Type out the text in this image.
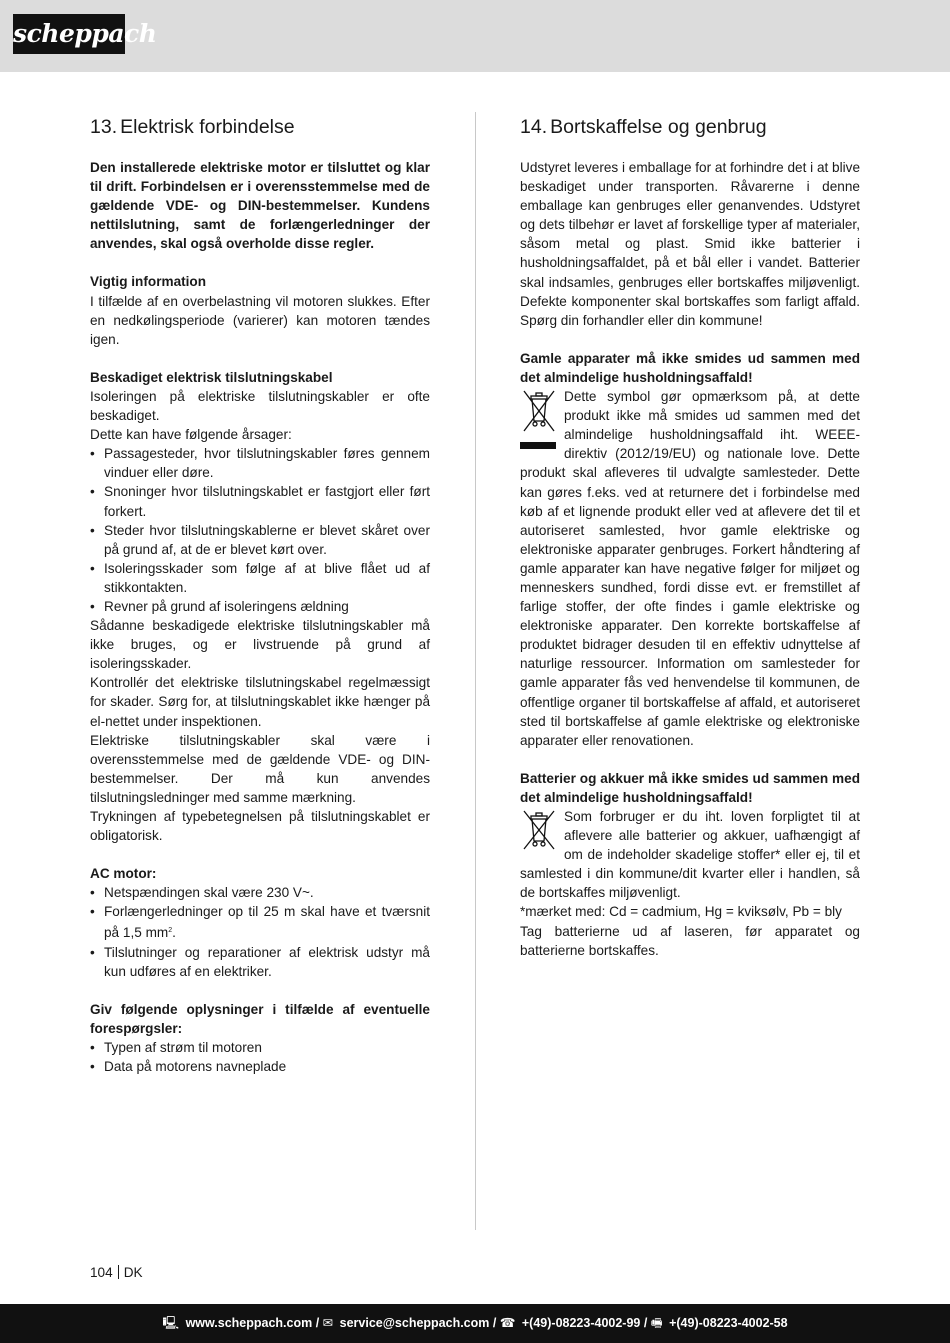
scheppach
13. Elektrisk forbindelse

Den installerede elektriske motor er tilsluttet og klar til drift. Forbindelsen er i overensstemmelse med de gældende VDE- og DIN-bestemmelser. Kundens nettilslutning, samt de forlængerledninger der anvendes, skal også overholde disse regler.

Vigtig information

I tilfælde af en overbelastning vil motoren slukkes. Efter en nedkølingsperiode (varierer) kan motoren tændes igen.

Beskadiget elektrisk tilslutningskabel

Isoleringen på elektriske tilslutningskabler er ofte beskadiget.

Dette kan have følgende årsager:

• Passagesteder, hvor tilslutningskabler føres gennem vinduer eller døre.
• Snoninger hvor tilslutningskablet er fastgjort eller ført forkert.
• Steder hvor tilslutningskablerne er blevet skåret over på grund af, at de er blevet kørt over.
• Isoleringsskader som følge af at blive flået ud af stikkontakten.
• Revner på grund af isoleringens ældning

Sådanne beskadigede elektriske tilslutningskabler må ikke bruges, og er livstruende på grund af isoleringsskader.

Kontrollér det elektriske tilslutningskabel regelmæssigt for skader. Sørg for, at tilslutningskablet ikke hænger på el-nettet under inspektionen.

Elektriske tilslutningskabler skal være i overensstemmelse med de gældende VDE- og DIN-bestemmelser. Der må kun anvendes tilslutningsledninger med samme mærkning.

Trykningen af typebetegnelsen på tilslutningskablet er obligatorisk.

AC motor:

• Netspændingen skal være 230 V~.
• Forlængerledninger op til 25 m skal have et tværsnit på 1,5 $mm^2$.
• Tilslutninger og reparationer af elektrisk udstyr må kun udføres af en elektriker.

Giv følgende oplysninger i tilfælde af eventuelle forespørgsler:

• Typen af strøm til motoren
• Data på motorens navneplade
14. Bortskaffelse og genbrug

Udstyret leveres i emballage for at forhindre det i at blive beskadiget under transporten. Råvarerne i denne emballage kan genbruges eller genanvendes. Udstyret og dets tilbehør er lavet af forskellige typer af materialer, såsom metal og plast. Smid ikke batterier i husholdningsaffaldet, på et bål eller i vandet. Batterier skal indsamles, genbruges eller bortskaffes miljøvenligt. Defekte komponenter skal bortskaffes som farligt affald. Spørg din forhandler eller din kommune!

Gamle apparater må ikke smides ud sammen med det almindelige husholdningsaffald!

Dette symbol gør opmærksom på, at dette produkt ikke må smides ud sammen med det almindelige husholdningsaffald iht. WEEE-direktiv (2012/19/EU) og nationale love. Dette produkt skal afleveres til udvalgte samlesteder. Dette kan gøres f.eks. ved at returnere det i forbindelse med køb af et lignende produkt eller ved at aflevere det til et autoriseret samlested, hvor gamle elektriske og elektroniske apparater genbruges. Forkert håndtering af gamle apparater kan have negative følger for miljøet og menneskers sundhed, fordi disse evt. er fremstillet af farlige stoffer, der ofte findes i gamle elektriske og elektroniske apparater. Den korrekte bortskaffelse af produktet bidrager desuden til en effektiv udnyttelse af naturlige ressourcer. Information om samlesteder for gamle apparater fås ved henvendelse til kommunen, de offentlige organer til bortskaffelse af affald, et autoriseret sted til bortskaffelse af gamle elektriske og elektroniske apparater eller renovationen.

Batterier og akkuer må ikke smides ud sammen med det almindelige husholdningsaffald!

Som forbruger er du iht. loven forpligtet til at aflevere alle batterier og akkuer, uafhængigt af om de indeholder skadelige stoffer* eller ej, til et samlested i din kommune/dit kvarter eller i handlen, så de bortskaffes miljøvenligt.

*mærket med: Cd = cadmium, Hg = kviksølv, Pb = bly

Tag batterierne ud af laseren, før apparatet og batterierne bortskaffes.

104 DK
🖳 www.scheppach.com / ✉ service@scheppach.com / ☎ +(49)-08223-4002-99 / 🖷 +(49)-08223-4002-58
